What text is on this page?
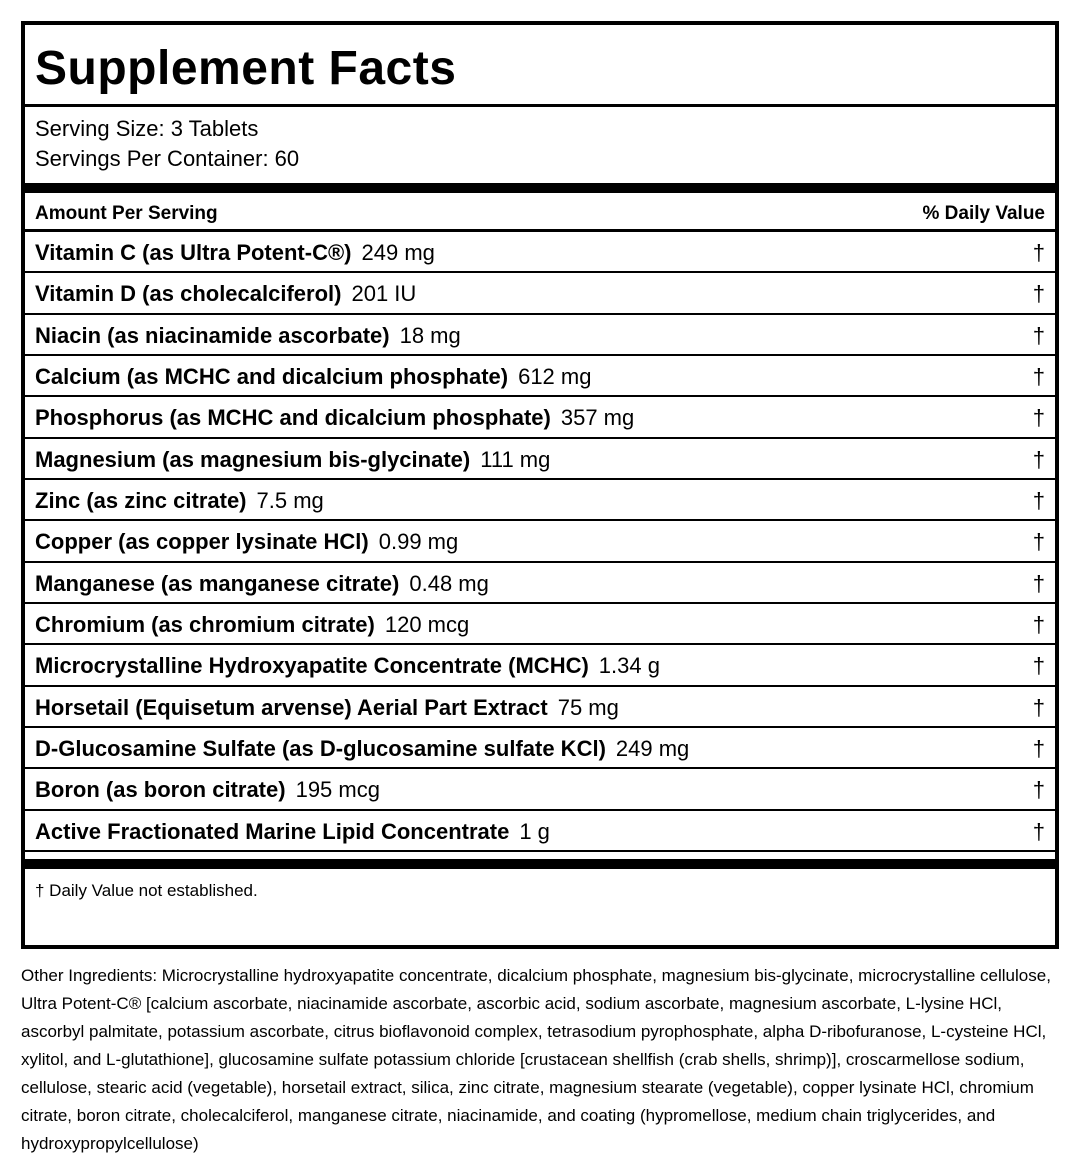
Supplement Facts
Serving Size: 3 Tablets
Servings Per Container: 60
Amount Per Serving	% Daily Value
Vitamin C (as Ultra Potent-C®) 249 mg	†
Vitamin D (as cholecalciferol) 201 IU	†
Niacin (as niacinamide ascorbate) 18 mg	†
Calcium (as MCHC and dicalcium phosphate) 612 mg	†
Phosphorus (as MCHC and dicalcium phosphate) 357 mg	†
Magnesium (as magnesium bis-glycinate) 111 mg	†
Zinc (as zinc citrate) 7.5 mg	†
Copper (as copper lysinate HCl) 0.99 mg	†
Manganese (as manganese citrate) 0.48 mg	†
Chromium (as chromium citrate) 120 mcg	†
Microcrystalline Hydroxyapatite Concentrate (MCHC) 1.34 g	†
Horsetail (Equisetum arvense) Aerial Part Extract 75 mg	†
D-Glucosamine Sulfate (as D-glucosamine sulfate KCl) 249 mg	†
Boron (as boron citrate) 195 mcg	†
Active Fractionated Marine Lipid Concentrate 1 g	†
† Daily Value not established.
Other Ingredients: Microcrystalline hydroxyapatite concentrate, dicalcium phosphate, magnesium bis-glycinate, microcrystalline cellulose, Ultra Potent-C® [calcium ascorbate, niacinamide ascorbate, ascorbic acid, sodium ascorbate, magnesium ascorbate, L-lysine HCl, ascorbyl palmitate, potassium ascorbate, citrus bioflavonoid complex, tetrasodium pyrophosphate, alpha D-ribofuranose, L-cysteine HCl, xylitol, and L-glutathione], glucosamine sulfate potassium chloride [crustacean shellfish (crab shells, shrimp)], croscarmellose sodium, cellulose, stearic acid (vegetable), horsetail extract, silica, zinc citrate, magnesium stearate (vegetable), copper lysinate HCl, chromium citrate, boron citrate, cholecalciferol, manganese citrate, niacinamide, and coating (hypromellose, medium chain triglycerides, and hydroxypropylcellulose)
